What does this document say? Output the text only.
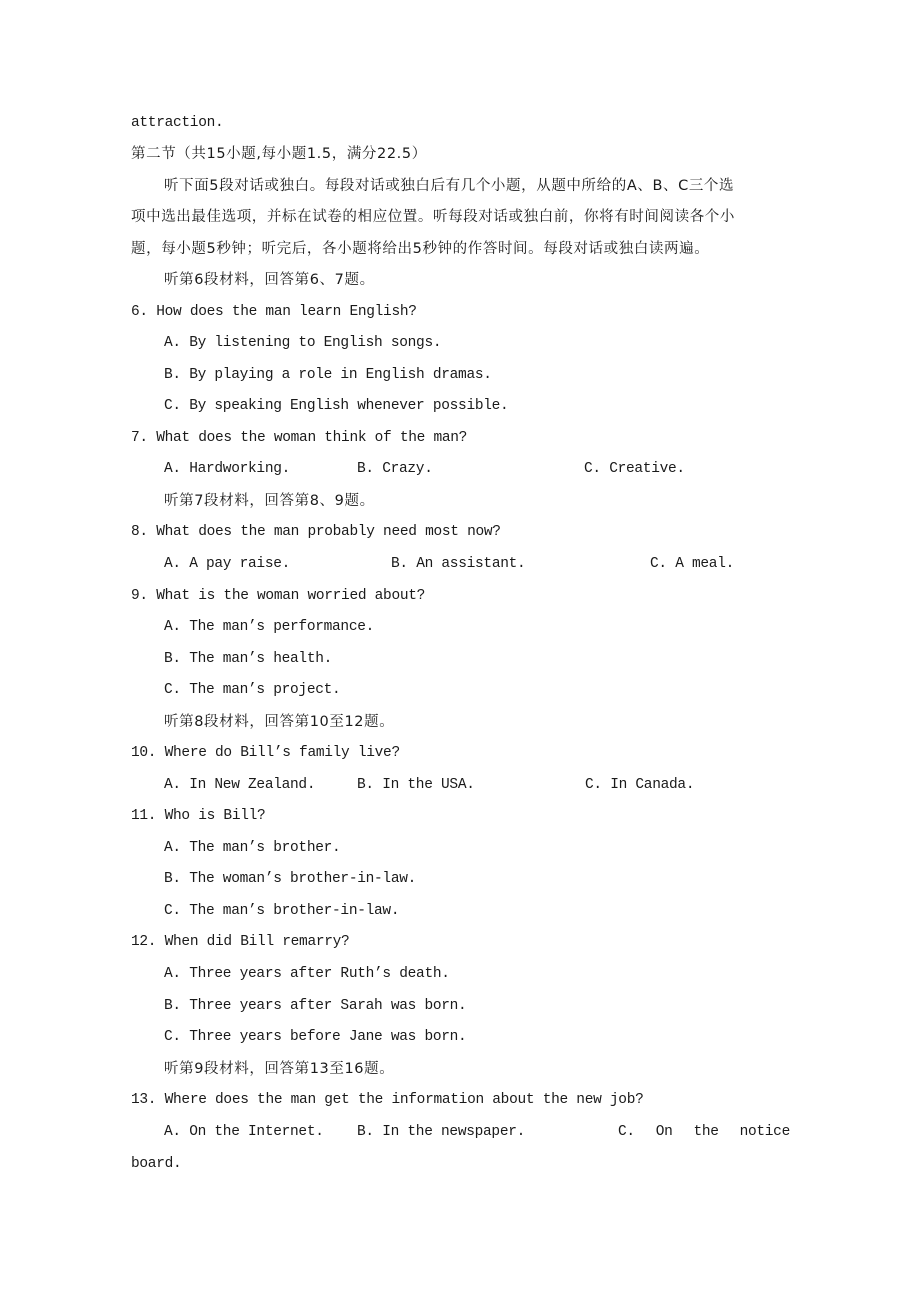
attraction.
第二节（共15小题,每小题1.5，满分22.5）
听下面5段对话或独白。每段对话或独白后有几个小题，从题中所给的A、B、C三个选
项中选出最佳选项，并标在试卷的相应位置。听每段对话或独白前，你将有时间阅读各个小
题，每小题5秒钟；听完后，各小题将给出5秒钟的作答时间。每段对话或独白读两遍。
听第6段材料，回答第6、7题。
6. How does the man learn English?
A. By listening to English songs.
B. By playing a role in English dramas.
C. By speaking English whenever possible.
7. What does the woman think of the man?
A. Hardworking.	B. Crazy.	C. Creative.
听第7段材料，回答第8、9题。
8. What does the man probably need most now?
A. A pay raise.	B. An assistant.	C. A meal.
9. What is the woman worried about?
A. The man’s performance.
B. The man’s health.
C. The man’s project.
听第8段材料，回答第10至12题。
10. Where do Bill’s family live?
A. In New Zealand.	B. In the USA.	C. In Canada.
11. Who is Bill?
A. The man’s brother.
B. The woman’s brother-in-law.
C. The man’s brother-in-law.
12. When did Bill remarry?
A. Three years after Ruth’s death.
B. Three years after Sarah was born.
C. Three years before Jane was born.
听第9段材料，回答第13至16题。
13. Where does the man get the information about the new job?
A. On the Internet. B. In the newspaper.	C. On the notice
board.
